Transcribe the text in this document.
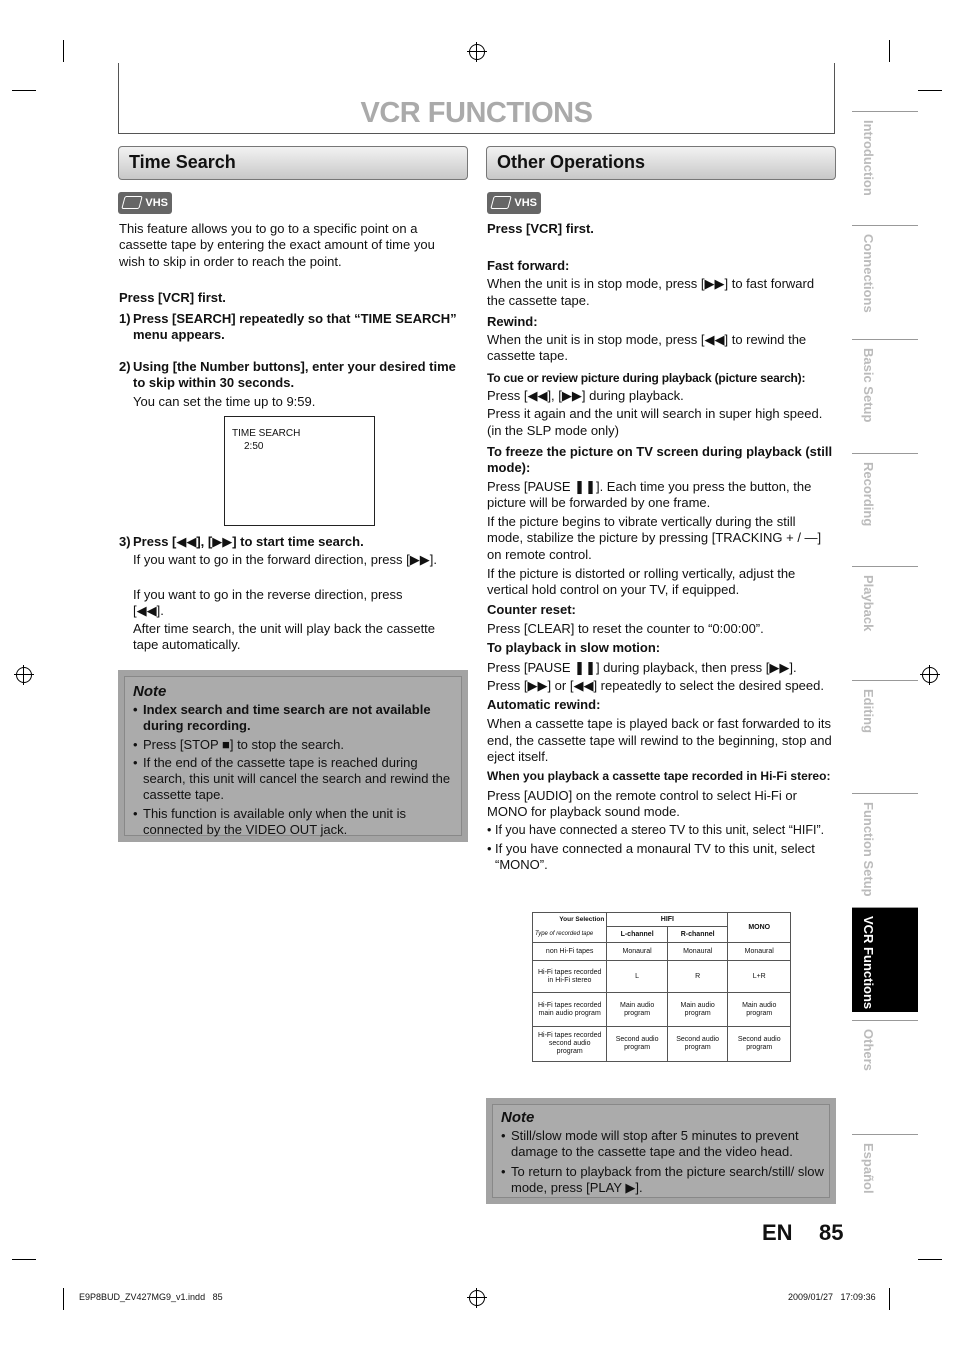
VCR FUNCTIONS
Time Search
VHS
This feature allows you to go to a specific point on a cassette tape by entering the exact amount of time you wish to skip in order to reach the point.
Press [VCR] first.
1) Press [SEARCH] repeatedly so that “TIME SEARCH” menu appears.
2) Using [the Number buttons], enter your desired time to skip within 30 seconds.
You can set the time up to 9:59.
TIME SEARCH
2:50
3) Press [◀◀], [▶▶] to start time search.
If you want to go in the forward direction, press [▶▶].
If you want to go in the reverse direction, press [◀◀].
After time search, the unit will play back the cassette tape automatically.
Note
• Index search and time search are not available during recording.
• Press [STOP ■] to stop the search.
• If the end of the cassette tape is reached during search, this unit will cancel the search and rewind the cassette tape.
• This function is available only when the unit is connected by the VIDEO OUT jack.
Other Operations
VHS
Press [VCR] first.
Fast forward:
When the unit is in stop mode, press [▶▶] to fast forward the cassette tape.
Rewind:
When the unit is in stop mode, press [◀◀] to rewind the cassette tape.
To cue or review picture during playback (picture search):
Press [◀◀], [▶▶] during playback.
Press it again and the unit will search in super high speed. (in the SLP mode only)
To freeze the picture on TV screen during playback (still mode):
Press [PAUSE ❚❚]. Each time you press the button, the picture will be forwarded by one frame.
If the picture begins to vibrate vertically during the still mode, stabilize the picture by pressing [TRACKING + / —] on remote control.
If the picture is distorted or rolling vertically, adjust the vertical hold control on your TV, if equipped.
Counter reset:
Press [CLEAR] to reset the counter to “0:00:00”.
To playback in slow motion:
Press [PAUSE ❚❚] during playback, then press [▶▶].
Press [▶▶] or [◀◀] repeatedly to select the desired speed.
Automatic rewind:
When a cassette tape is played back or fast forwarded to its end, the cassette tape will rewind to the beginning, stop and eject itself.
When you playback a cassette tape recorded in Hi-Fi stereo:
Press [AUDIO] on the remote control to select Hi-Fi or MONO for playback sound mode.
• If you have connected a stereo TV to this unit, select “HIFI”.
• If you have connected a monaural TV to this unit, select “MONO”.
Your Selection	HIFI		MONO
Type of recorded tape	L-channel	R-channel	
non Hi-Fi tapes	Monaural	Monaural	Monaural
Hi-Fi tapes recorded in Hi-Fi stereo	L	R	L+R
Hi-Fi tapes recorded main audio program	Main audio program	Main audio program	Main audio program
Hi-Fi tapes recorded second audio program	Second audio program	Second audio program	Second audio program
Note
• Still/slow mode will stop after 5 minutes to prevent damage to the cassette tape and the video head.
• To return to playback from the picture search/still/ slow mode, press [PLAY ▶].
Introduction
Connections
Basic Setup
Recording
Playback
Editing
Function Setup
VCR Functions
Others
Español
EN 85
E9P8BUD_ZV427MG9_v1.indd   85	2009/01/27   17:09:36
